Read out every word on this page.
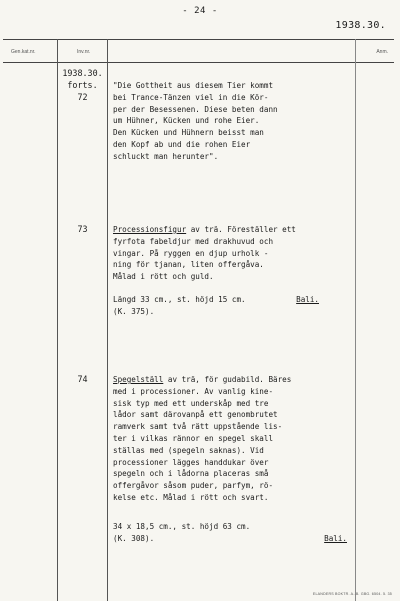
- 24 -
1938.30.
Gen.kat.nr.	Inv.nr.	Anm.
1938.30.
forts.
72
"Die Gottheit aus diesem Tier kommt
bei Trance-Tänzen viel in die Kör-
per der Besessenen. Diese beten dann
um Hühner, Kücken und rohe Eier.
Den Kücken und Hühnern beisst man
den Kopf ab und die rohen Eier
schluckt man herunter".
73	Processionsfigur av trä. Föreställer ett
fyrfota fabeldjur med drakhuvud och
vingar. På ryggen en djup urholk -
ning för tjanan, liten offergåva.
Målad i rött och guld.
Längd 33 cm., st. höjd 15 cm.	Bali.
(K. 375).
74	Spegelställ av trä, för gudabild. Bäres
med i processioner. Av vanlig kine-
sisk typ med ett underskåp med tre
lådor samt därovanpå ett genombrutet
ramverk samt två rätt uppstående lis-
ter i vilkas rännor en spegel skall
ställas med (spegeln saknas). Vid
processioner lägges handdukar över
spegeln och i lådorna placeras små
offergåvor såsom puder, parfym, rö-
kelse etc. Målad i rött och svart.
34 x 18,5 cm., st. höjd 63 cm.
(K. 308).	Bali.
ELANDERS BOKTR. A.-B. GBG. 6504. 5. 35
